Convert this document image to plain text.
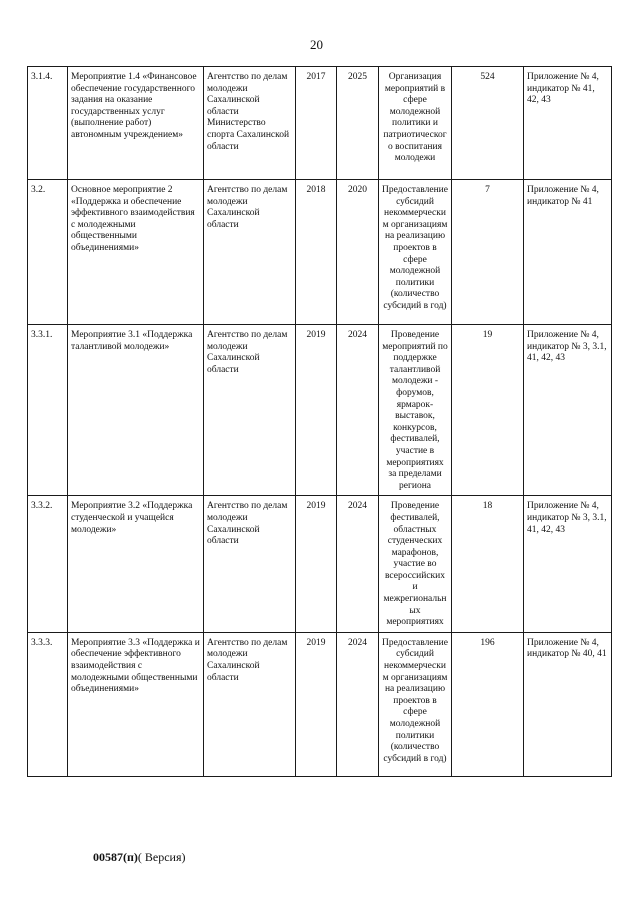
20
3.1.4.	Мероприятие 1.4 «Финансовое обеспечение государственного задания на оказание государственных услуг (выполнение работ) автономным учреждением»	Агентство по делам молодежи Сахалинской области Министерство спорта Сахалинской области	2017	2025	Организация мероприятий в сфере молодежной политики и патриотического воспитания молодежи	524	Приложение № 4, индикатор № 41, 42, 43
3.2.	Основное мероприятие 2 «Поддержка и обеспечение эффективного взаимодействия с молодежными общественными объединениями»	Агентство по делам молодежи Сахалинской области	2018	2020	Предоставление субсидий некоммерческим организациям на реализацию проектов в сфере молодежной политики (количество субсидий в год)	7	Приложение № 4, индикатор № 41
3.3.1.	Мероприятие 3.1 «Поддержка талантливой молодежи»	Агентство по делам молодежи Сахалинской области	2019	2024	Проведение мероприятий по поддержке талантливой молодежи - форумов, ярмарок-выставок, конкурсов, фестивалей, участие в мероприятиях за пределами региона	19	Приложение № 4, индикатор № 3, 3.1, 41, 42, 43
3.3.2.	Мероприятие 3.2 «Поддержка студенческой и учащейся молодежи»	Агентство по делам молодежи Сахалинской области	2019	2024	Проведение фестивалей, областных студенческих марафонов, участие во всероссийских и межрегиональных мероприятиях	18	Приложение № 4, индикатор № 3, 3.1, 41, 42, 43
3.3.3.	Мероприятие 3.3 «Поддержка и обеспечение эффективного взаимодействия с молодежными общественными объединениями»	Агентство по делам молодежи Сахалинской области	2019	2024	Предоставление субсидий некоммерческим организациям на реализацию проектов в сфере молодежной политики (количество субсидий в год)	196	Приложение № 4, индикатор № 40, 41
00587(п)( Версия)
